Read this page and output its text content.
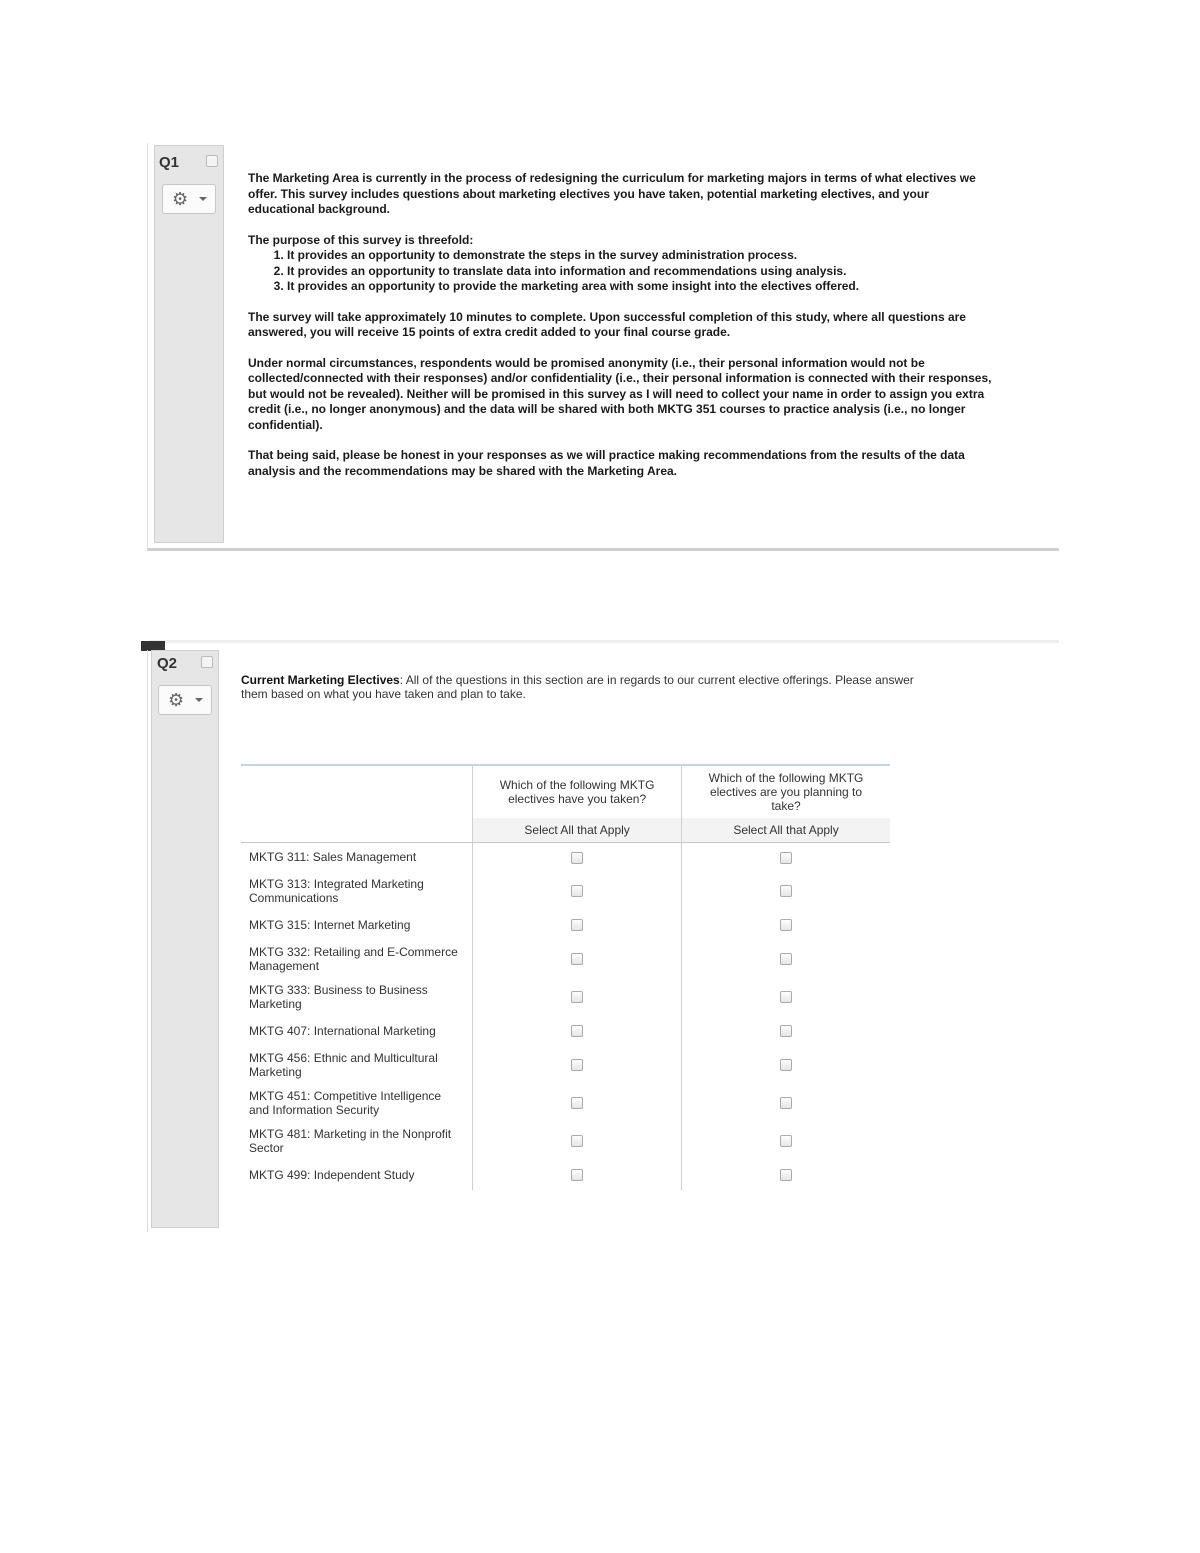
Q1
⚙

The Marketing Area is currently in the process of redesigning the curriculum for marketing majors in terms of what electives we offer. This survey includes questions about marketing electives you have taken, potential marketing electives, and your educational background.

The purpose of this survey is threefold:

1. It provides an opportunity to demonstrate the steps in the survey administration process.
2. It provides an opportunity to translate data into information and recommendations using analysis.
3. It provides an opportunity to provide the marketing area with some insight into the electives offered.

The survey will take approximately 10 minutes to complete. Upon successful completion of this study, where all questions are answered, you will receive 15 points of extra credit added to your final course grade.

Under normal circumstances, respondents would be promised anonymity (i.e., their personal information would not be collected/connected with their responses) and/or confidentiality (i.e., their personal information is connected with their responses, but would not be revealed). Neither will be promised in this survey as I will need to collect your name in order to assign you extra credit (i.e., no longer anonymous) and the data will be shared with both MKTG 351 courses to practice analysis (i.e., no longer confidential).

That being said, please be honest in your responses as we will practice making recommendations from the results of the data analysis and the recommendations may be shared with the Marketing Area.

Q2
⚙
Current Marketing Electives: All of the questions in this section are in regards to our current elective offerings. Please answer them based on what you have taken and plan to take.
	Which of the following MKTG electives have you taken?	Which of the following MKTG electives are you planning to take?
	Select All that Apply	Select All that Apply
MKTG 311: Sales Management		
MKTG 313: Integrated Marketing Communications		
MKTG 315: Internet Marketing		
MKTG 332: Retailing and E-Commerce Management		
MKTG 333: Business to Business Marketing		
MKTG 407: International Marketing		
MKTG 456: Ethnic and Multicultural Marketing		
MKTG 451: Competitive Intelligence and Information Security		
MKTG 481: Marketing in the Nonprofit Sector		
MKTG 499: Independent Study		
